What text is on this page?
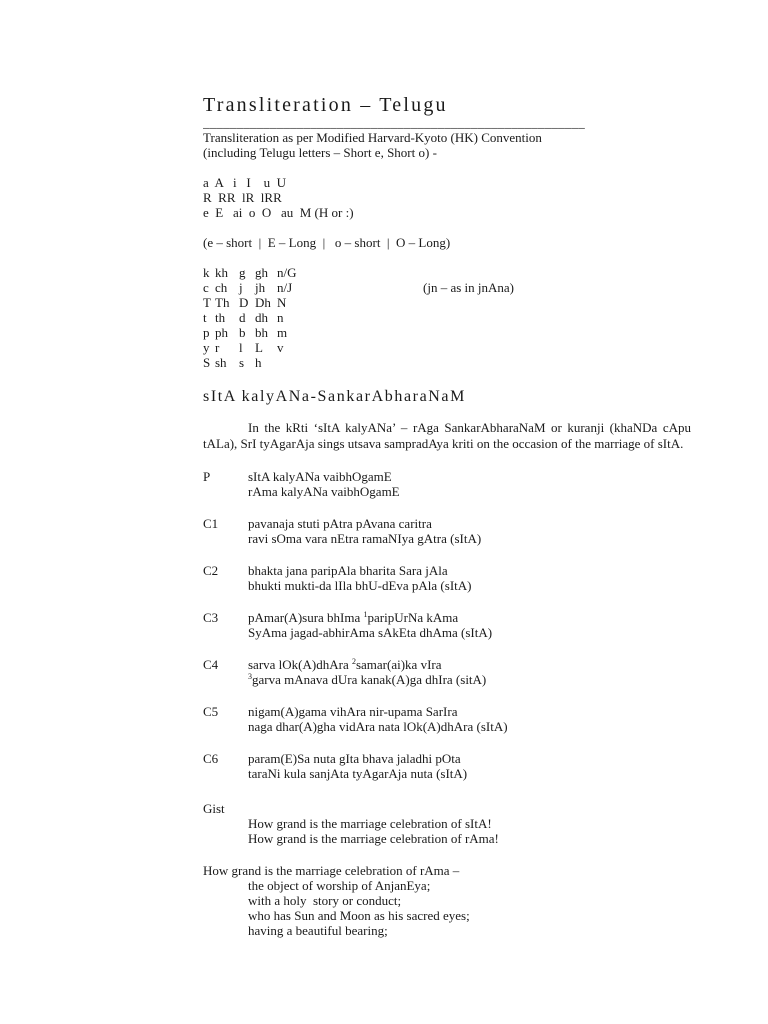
Transliteration – Telugu
_________________________________________________________
Transliteration as per Modified Harvard-Kyoto (HK) Convention
(including Telugu letters – Short e, Short o) -
a  A   i   I    u  U
R  RR  lR  lRR
e  E   ai  o  O   au  M (H or :)
(e – short  |  E – Long  |   o – short  |  O – Long)
k kh g gh n/G
c ch j jh n/J	(jn – as in jnAna)
T Th D Dh N
t th	d dh n
p ph b bh m
y r	l L	v
S sh s h
sItA kalyANa-SankarAbharaNaM
In the kRti ‘sItA kalyANa’ – rAga SankarAbharaNaM or kuranji (khaNDa cApu tALa), SrI tyAgarAja sings utsava sampradAya kriti on the occasion of the marriage of sItA.
P	sItA kalyANa vaibhOgamE
rAma kalyANa vaibhOgamE
C1	pavanaja stuti pAtra pAvana caritra
ravi sOma vara nEtra ramaNIya gAtra (sItA)
C2	bhakta jana paripAla bharita Sara jAla
bhukti mukti-da lIla bhU-dEva pAla (sItA)
C3	pAmar(A)sura bhIma $^1$paripUrNa kAma
SyAma jagad-abhirAma sAkEta dhAma (sItA)
C4	sarva lOk(A)dhAra $^2$samar(ai)ka vIra
$^3$garva mAnava dUra kanak(A)ga dhIra (sitA)
C5	nigam(A)gama vihAra nir-upama SarIra
naga dhar(A)gha vidAra nata lOk(A)dhAra (sItA)
C6	param(E)Sa nuta gIta bhava jaladhi pOta
taraNi kula sanjAta tyAgarAja nuta (sItA)
Gist
How grand is the marriage celebration of sItA!
How grand is the marriage celebration of rAma!
How grand is the marriage celebration of rAma –
the object of worship of AnjanEya;
with a holy  story or conduct;
who has Sun and Moon as his sacred eyes;
having a beautiful bearing;
